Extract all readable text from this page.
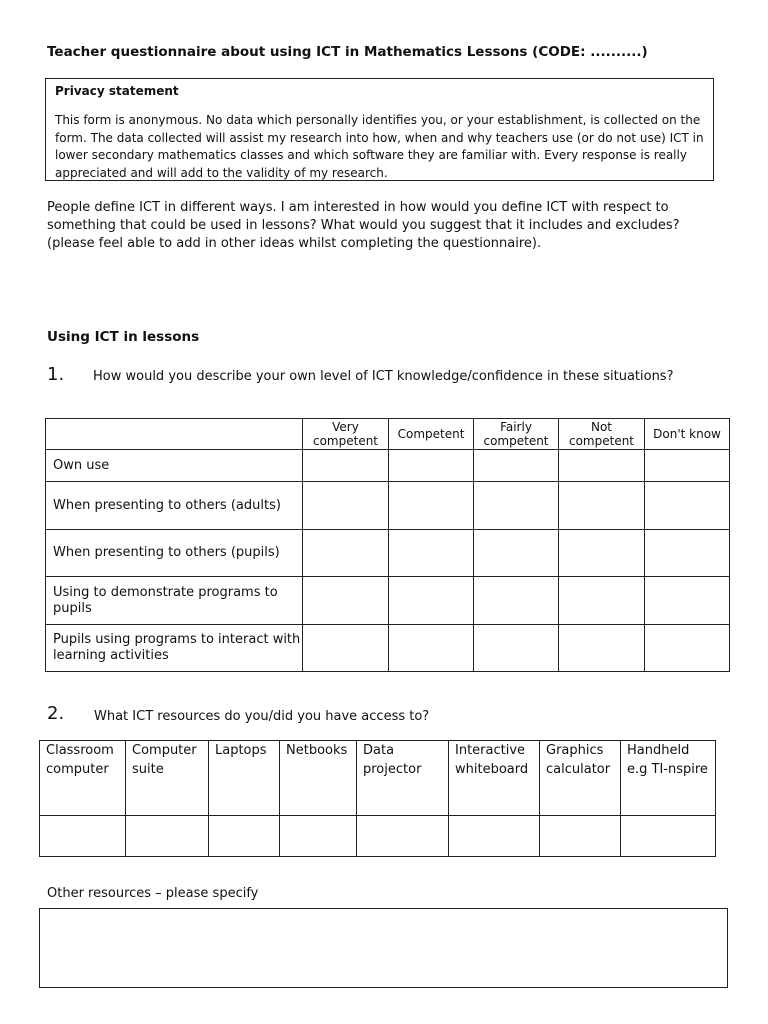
Teacher questionnaire about using ICT in Mathematics Lessons (CODE: ..........)
Privacy statement
This form is anonymous. No data which personally identifies you, or your establishment, is collected on the form. The data collected will assist my research into how, when and why teachers use (or do not use) ICT in lower secondary mathematics classes and which software they are familiar with. Every response is really appreciated and will add to the validity of my research.
People define ICT in different ways. I am interested in how would you define ICT with respect to something that could be used in lessons? What would you suggest that it includes and excludes? (please feel able to add in other ideas whilst completing the questionnaire).
Using ICT in lessons
1. How would you describe your own level of ICT knowledge/confidence in these situations?
	Very competent	Competent	Fairly competent	Not competent	Don't know
Own use					
When presenting to others (adults)					
When presenting to others (pupils)					
Using to demonstrate programs to pupils					
Pupils using programs to interact with learning activities					
2. What ICT resources do you/did you have access to?
Classroom computer	Computer suite	Laptops	Netbooks	Data projector	Interactive whiteboard	Graphics calculator	Handheld e.g TI-nspire

Other resources – please specify
